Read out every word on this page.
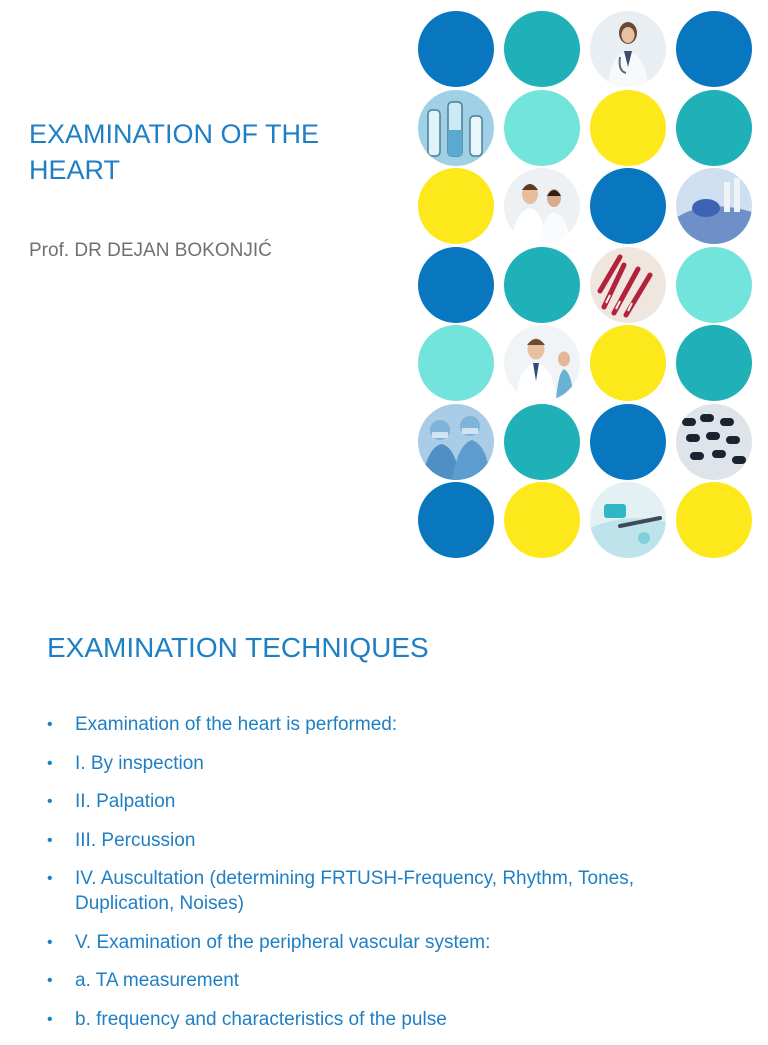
EXAMINATION OF THE HEART

Prof. DR DEJAN BOKONJIĆ

EXAMINATION TECHNIQUES
• Examination of the heart is performed:
• I. By inspection
• II. Palpation
• III. Percussion
• IV. Auscultation (determining FRTUSH-Frequency, Rhythm, Tones, Duplication, Noises)
• V. Examination of the peripheral vascular system:
• a. TA measurement
• b. frequency and characteristics of the pulse
